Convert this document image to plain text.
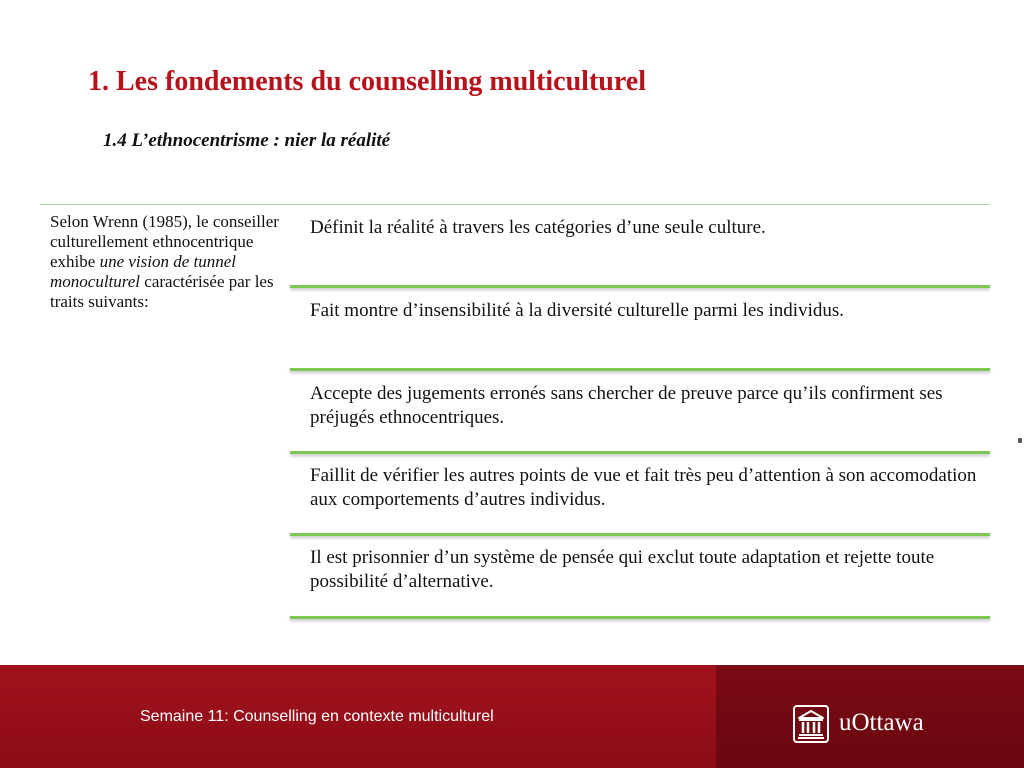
1. Les fondements du counselling multiculturel
1.4 L’ethnocentrisme : nier la réalité
Selon Wrenn (1985), le conseiller culturellement ethnocentrique exhibe une vision de tunnel monoculturel caractérisée par les traits suivants:
Définit la réalité à travers les catégories d’une seule culture.
Fait montre d’insensibilité à la diversité culturelle parmi les individus.
Accepte des jugements erronés sans chercher de preuve parce qu’ils confirment ses préjugés ethnocentriques.
Faillit de vérifier les autres points de vue et fait très peu d’attention à son accomodation aux comportements d’autres individus.
Il est prisonnier d’un système de pensée qui exclut toute adaptation et rejette toute possibilité d’alternative.
Semaine 11: Counselling en contexte multiculturel	uOttawa
